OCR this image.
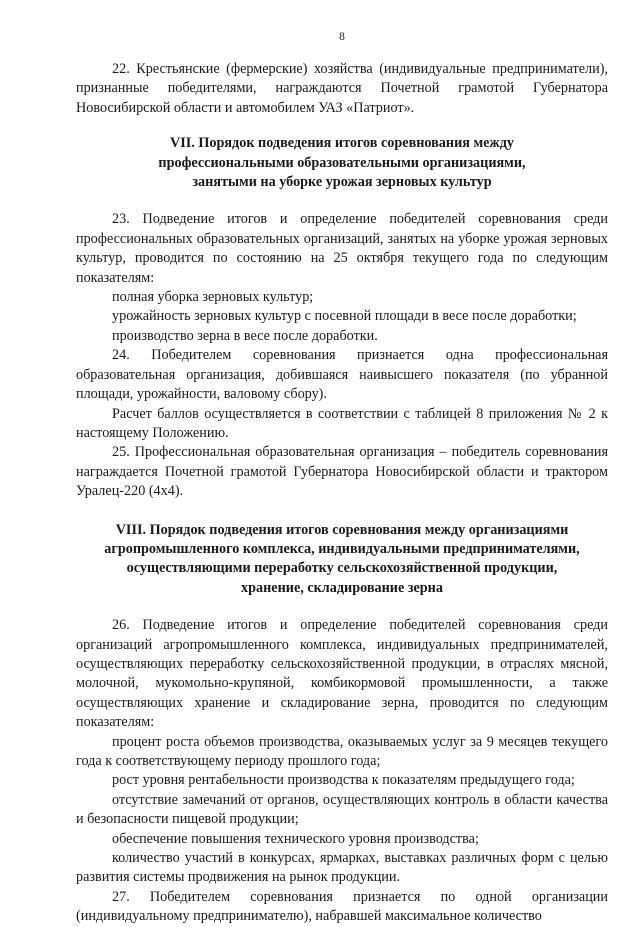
8

22. Крестьянские (фермерские) хозяйства (индивидуальные предприниматели), признанные победителями, награждаются Почетной грамотой Губернатора Новосибирской области и автомобилем УАЗ «Патриот».

VII. Порядок подведения итогов соревнования между
профессиональными образовательными организациями,
занятыми на уборке урожая зерновых культур

23. Подведение итогов и определение победителей соревнования среди профессиональных образовательных организаций, занятых на уборке урожая зерновых культур, проводится по состоянию на 25 октября текущего года по следующим показателям:

полная уборка зерновых культур;

урожайность зерновых культур с посевной площади в весе после доработки;

производство зерна в весе после доработки.

24. Победителем соревнования признается одна профессиональная образовательная организация, добившаяся наивысшего показателя (по убранной площади, урожайности, валовому сбору).

Расчет баллов осуществляется в соответствии с таблицей 8 приложения № 2 к настоящему Положению.

25. Профессиональная образовательная организация – победитель соревнования награждается Почетной грамотой Губернатора Новосибирской области и трактором Уралец-220 (4х4).

VIII. Порядок подведения итогов соревнования между организациями
агропромышленного комплекса, индивидуальными предпринимателями,
осуществляющими переработку сельскохозяйственной продукции,
хранение, складирование зерна

26. Подведение итогов и определение победителей соревнования среди организаций агропромышленного комплекса, индивидуальных предпринимателей, осуществляющих переработку сельскохозяйственной продукции, в отраслях мясной, молочной, мукомольно-крупяной, комбикормовой промышленности, а также осуществляющих хранение и складирование зерна, проводится по следующим показателям:

процент роста объемов производства, оказываемых услуг за 9 месяцев текущего года к соответствующему периоду прошлого года;

рост уровня рентабельности производства к показателям предыдущего года;

отсутствие замечаний от органов, осуществляющих контроль в области качества и безопасности пищевой продукции;

обеспечение повышения технического уровня производства;

количество участий в конкурсах, ярмарках, выставках различных форм с целью развития системы продвижения на рынок продукции.

27. Победителем соревнования признается по одной организации (индивидуальному предпринимателю), набравшей максимальное количество
